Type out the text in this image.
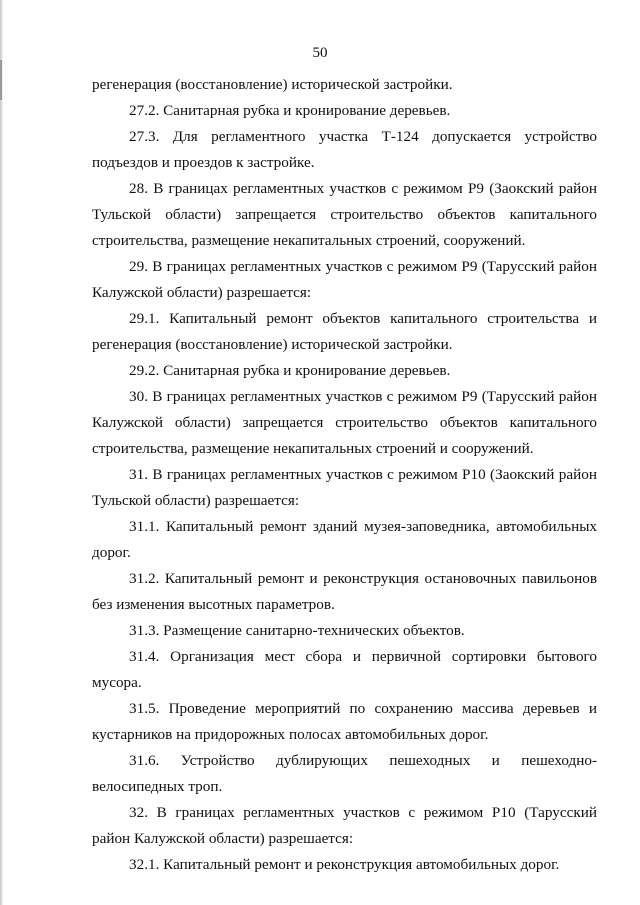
50

регенерация (восстановление) исторической застройки.

27.2. Санитарная рубка и кронирование деревьев.

27.3. Для регламентного участка Т-124 допускается устройство подъездов и проездов к застройке.

28. В границах регламентных участков с режимом Р9 (Заокский район Тульской области) запрещается строительство объектов капитального строительства, размещение некапитальных строений, сооружений.

29. В границах регламентных участков с режимом Р9 (Тарусский район Калужской области) разрешается:

29.1. Капитальный ремонт объектов капитального строительства и регенерация (восстановление) исторической застройки.

29.2. Санитарная рубка и кронирование деревьев.

30. В границах регламентных участков с режимом Р9 (Тарусский район Калужской области) запрещается строительство объектов капитального строительства, размещение некапитальных строений и сооружений.

31. В границах регламентных участков с режимом Р10 (Заокский район Тульской области) разрешается:

31.1. Капитальный ремонт зданий музея-заповедника, автомобильных дорог.

31.2. Капитальный ремонт и реконструкция остановочных павильонов без изменения высотных параметров.

31.3. Размещение санитарно-технических объектов.

31.4. Организация мест сбора и первичной сортировки бытового мусора.

31.5. Проведение мероприятий по сохранению массива деревьев и кустарников на придорожных полосах автомобильных дорог.

31.6. Устройство дублирующих пешеходных и пешеходно-велосипедных троп.

32. В границах регламентных участков с режимом Р10 (Тарусский район Калужской области) разрешается:

32.1. Капитальный ремонт и реконструкция автомобильных дорог.
